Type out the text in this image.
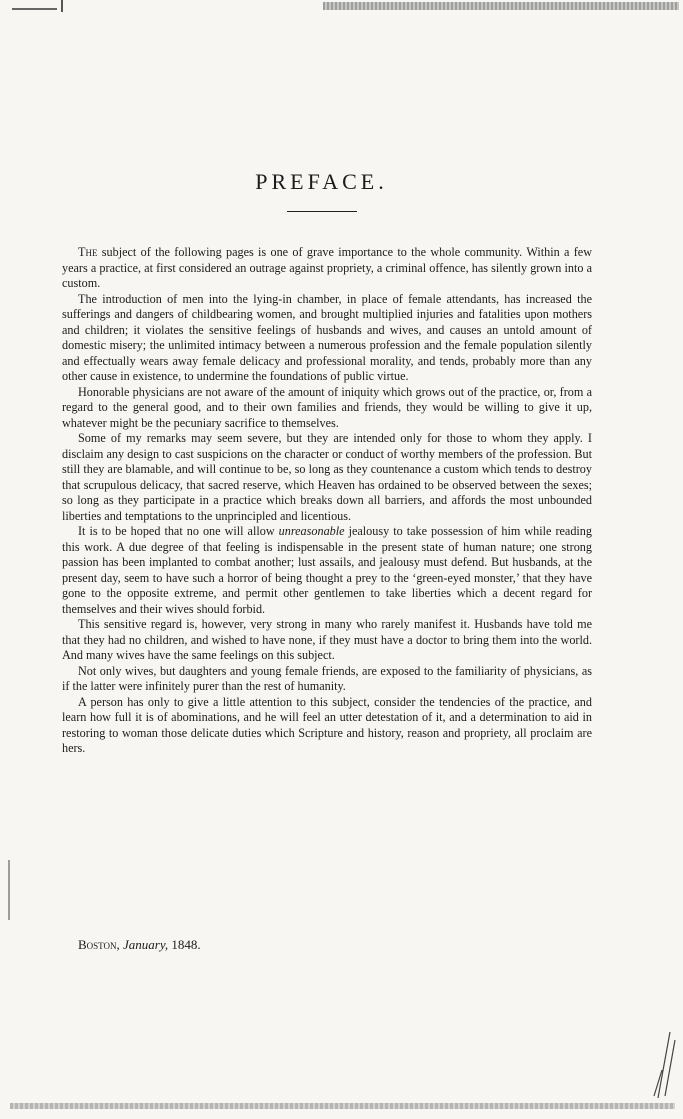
PREFACE.

The subject of the following pages is one of grave importance to the whole community. Within a few years a practice, at first considered an outrage against propriety, a criminal offence, has silently grown into a custom.

The introduction of men into the lying-in chamber, in place of female attendants, has increased the sufferings and dangers of childbearing women, and brought multiplied injuries and fatalities upon mothers and children; it violates the sensitive feelings of husbands and wives, and causes an untold amount of domestic misery; the unlimited intimacy between a numerous profession and the female population silently and effectually wears away female delicacy and professional morality, and tends, probably more than any other cause in existence, to undermine the foundations of public virtue.

Honorable physicians are not aware of the amount of iniquity which grows out of the practice, or, from a regard to the general good, and to their own families and friends, they would be willing to give it up, whatever might be the pecuniary sacrifice to themselves.

Some of my remarks may seem severe, but they are intended only for those to whom they apply. I disclaim any design to cast suspicions on the character or conduct of worthy members of the profession. But still they are blamable, and will continue to be, so long as they countenance a custom which tends to destroy that scrupulous delicacy, that sacred reserve, which Heaven has ordained to be observed between the sexes; so long as they participate in a practice which breaks down all barriers, and affords the most unbounded liberties and temptations to the unprincipled and licentious.

It is to be hoped that no one will allow unreasonable jealousy to take possession of him while reading this work. A due degree of that feeling is indispensable in the present state of human nature; one strong passion has been implanted to combat another; lust assails, and jealousy must defend. But husbands, at the present day, seem to have such a horror of being thought a prey to the ‘green-eyed monster,’ that they have gone to the opposite extreme, and permit other gentlemen to take liberties which a decent regard for themselves and their wives should forbid.

This sensitive regard is, however, very strong in many who rarely manifest it. Husbands have told me that they had no children, and wished to have none, if they must have a doctor to bring them into the world. And many wives have the same feelings on this subject.

Not only wives, but daughters and young female friends, are exposed to the familiarity of physicians, as if the latter were infinitely purer than the rest of humanity.

A person has only to give a little attention to this subject, consider the tendencies of the practice, and learn how full it is of abominations, and he will feel an utter detestation of it, and a determination to aid in restoring to woman those delicate duties which Scripture and history, reason and propriety, all proclaim are hers.

Boston, January, 1848.
